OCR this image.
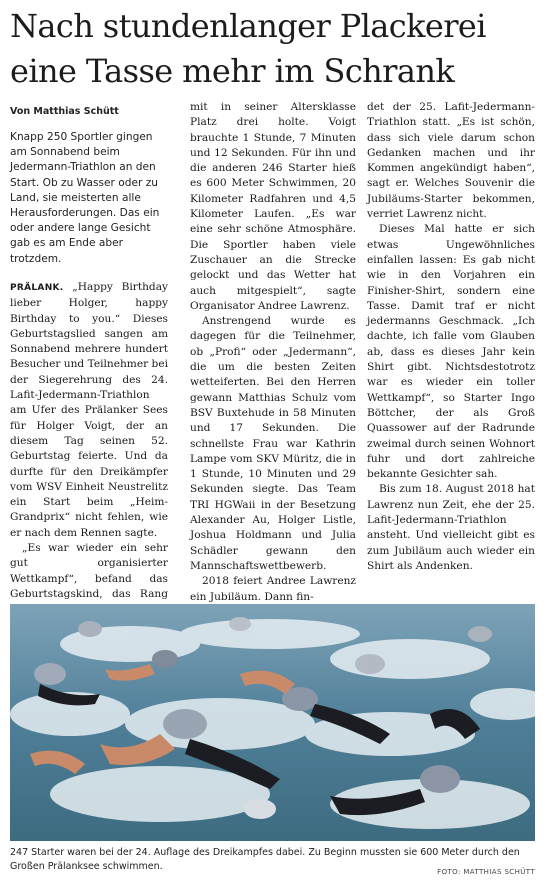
Nach stundenlanger Plackerei eine Tasse mehr im Schrank
Von Matthias Schütt

Knapp 250 Sportler gingen am Sonnabend beim Jedermann-Triathlon an den Start. Ob zu Wasser oder zu Land, sie meisterten alle Herausforderungen. Das ein oder andere lange Gesicht gab es am Ende aber trotzdem.

PRÄLANK. „Happy Birthday lieber Holger, happy Birthday to you.“ Dieses Geburtstagslied sangen am Sonnabend mehrere hundert Besucher und Teilnehmer bei der Siegerehrung des 24. Lafit-Jedermann-Triathlon am Ufer des Prälanker Sees für Holger Voigt, der an diesem Tag seinen 52. Geburtstag feierte. Und da durfte für den Dreikämpfer vom WSV Einheit Neustrelitz ein Start beim „Heim-Grandprix“ nicht fehlen, wie er nach dem Rennen sagte.

„Es war wieder ein sehr gut organisierter Wettkampf“, befand das Geburtstagskind, das Rang

mit in seiner Altersklasse Platz drei holte. Voigt brauchte 1 Stunde, 7 Minuten und 12 Sekunden. Für ihn und die anderen 246 Starter hieß es 600 Meter Schwimmen, 20 Kilometer Radfahren und 4,5 Kilometer Laufen. „Es war eine sehr schöne Atmosphäre. Die Sportler haben viele Zuschauer an die Strecke gelockt und das Wetter hat auch mitgespielt“, sagte Organisator Andree Lawrenz.

Anstrengend wurde es dagegen für die Teilnehmer, ob „Profi“ oder „Jedermann“, die um die besten Zeiten wetteiferten. Bei den Herren gewann Matthias Schulz vom BSV Buxtehude in 58 Minuten und 17 Sekunden. Die schnellste Frau war Kathrin Lampe vom SKV Müritz, die in 1 Stunde, 10 Minuten und 29 Sekunden siegte. Das Team TRI HGWaii in der Besetzung Alexander Au, Holger Listle, Joshua Holdmann und Julia Schädler gewann den Mannschaftswettbewerb.

2018 feiert Andree Lawrenz ein Jubiläum. Dann fin-

det der 25. Lafit-Jedermann-Triathlon statt. „Es ist schön, dass sich viele darum schon Gedanken machen und ihr Kommen angekündigt haben“, sagt er. Welches Souvenir die Jubiläums-Starter bekommen, verriet Lawrenz nicht.

Dieses Mal hatte er sich etwas Ungewöhnliches einfallen lassen: Es gab nicht wie in den Vorjahren ein Finisher-Shirt, sondern eine Tasse. Damit traf er nicht jedermanns Geschmack. „Ich dachte, ich falle vom Glauben ab, dass es dieses Jahr kein Shirt gibt. Nichtsdestotrotz war es wieder ein toller Wettkampf“, so Starter Ingo Böttcher, der als Groß Quassower auf der Radrunde zweimal durch seinen Wohnort fuhr und dort zahlreiche bekannte Gesichter sah.

Bis zum 18. August 2018 hat Lawrenz nun Zeit, ehe der 25. Lafit-Jedermann-Triathlon ansteht. Und vielleicht gibt es zum Jubiläum auch wieder ein Shirt als Andenken.

247 Starter waren bei der 24. Auflage des Dreikampfes dabei. Zu Beginn mussten sie 600 Meter durch den Großen Prälanksee schwimmen.	FOTO: MATTHIAS SCHÜTT
